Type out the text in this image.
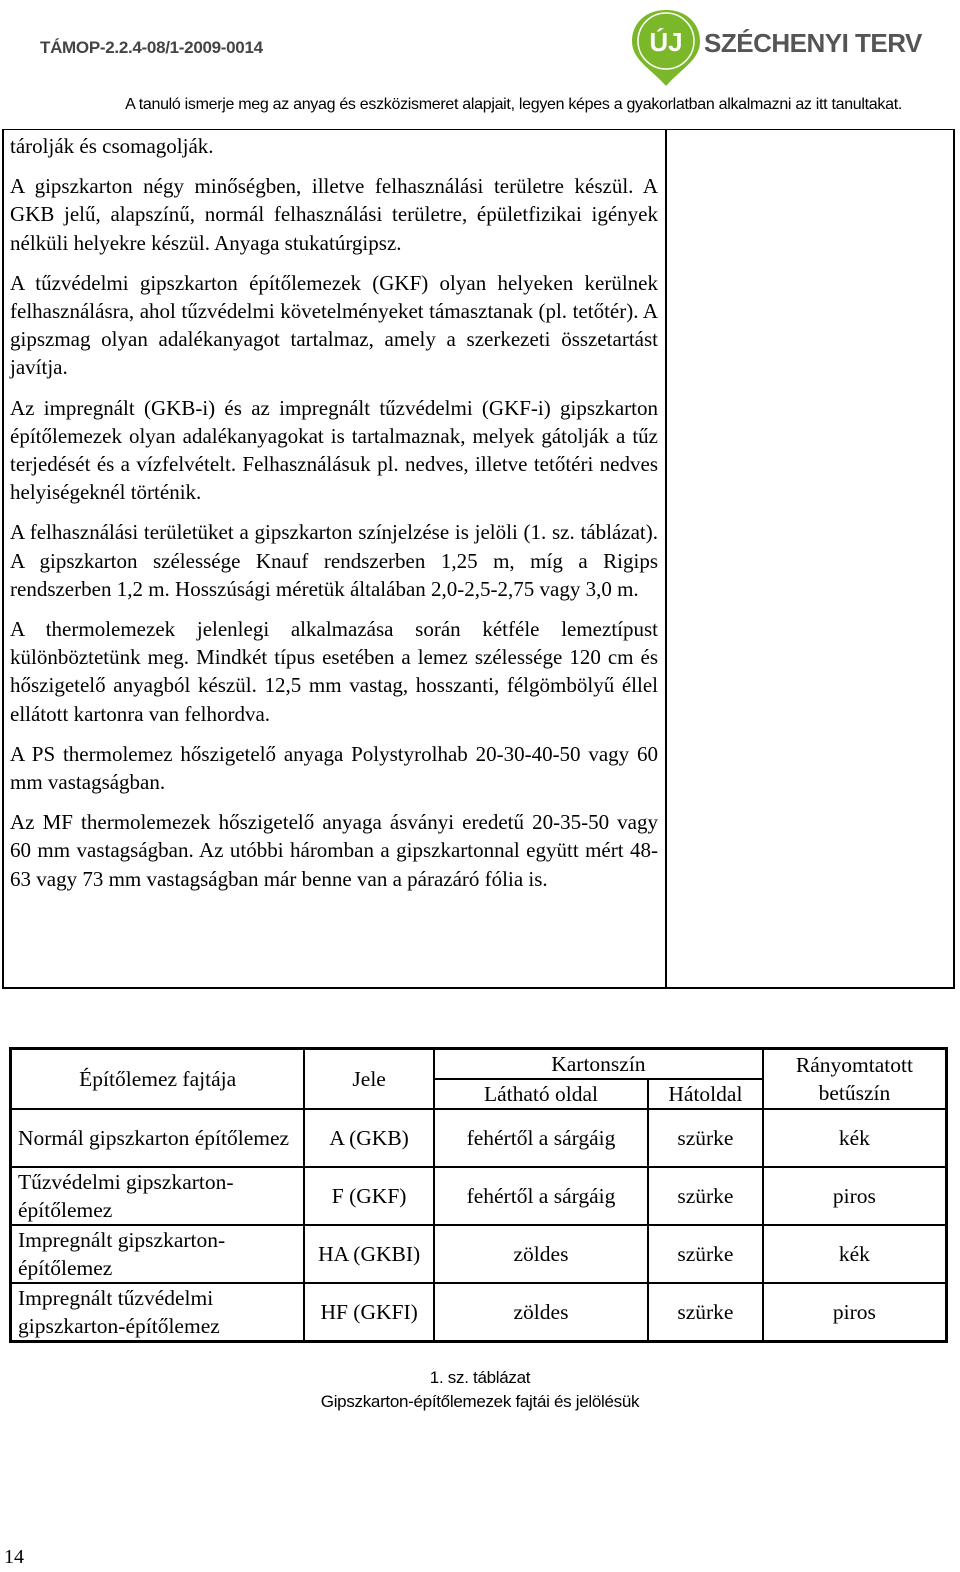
TÁMOP-2.2.4-08/1-2009-0014	ÚJ SZÉCHENYI TERV
A tanuló ismerje meg az anyag és eszközismeret alapjait, legyen képes a gyakorlatban alkalmazni az itt tanultakat.

tárolják és csomagolják.

A gipszkarton négy minőségben, illetve felhasználási területre készül. A GKB jelű, alapszínű, normál felhasználási területre, épületfizikai igények nélküli helyekre készül. Anyaga stukatúrgipsz.

A tűzvédelmi gipszkarton építőlemezek (GKF) olyan helyeken kerülnek felhasználásra, ahol tűzvédelmi követelményeket támasztanak (pl. tetőtér). A gipszmag olyan adalékanyagot tartalmaz, amely a szerkezeti összetartást javítja.

Az impregnált (GKB-i) és az impregnált tűzvédelmi (GKF-i) gipszkarton építőlemezek olyan adalékanyagokat is tartalmaznak, melyek gátolják a tűz terjedését és a vízfelvételt. Felhasználásuk pl. nedves, illetve tetőtéri nedves helyiségeknél történik.

A felhasználási területüket a gipszkarton színjelzése is jelöli (1. sz. táblázat). A gipszkarton szélessége Knauf rendszerben 1,25 m, míg a Rigips rendszerben 1,2 m. Hosszúsági méretük általában 2,0-2,5-2,75 vagy 3,0 m.

A thermolemezek jelenlegi alkalmazása során kétféle lemeztípust különböztetünk meg. Mindkét típus esetében a lemez szélessége 120 cm és hőszigetelő anyagból készül. 12,5 mm vastag, hosszanti, félgömbölyű éllel ellátott kartonra van felhordva.

A PS thermolemez hőszigetelő anyaga Polystyrolhab 20-30-40-50 vagy 60 mm vastagságban.

Az MF thermolemezek hőszigetelő anyaga ásványi eredetű 20-35-50 vagy 60 mm vastagságban. Az utóbbi háromban a gipszkartonnal együtt mért 48-63 vagy 73 mm vastagságban már benne van a párazáró fólia is.

Építőlemez fajtája	Jele	Kartonszín		Rányomtatott betűszín
		Látható oldal	Hátoldal	
Normál gipszkarton építőlemez	A (GKB)	fehértől a sárgáig	szürke	kék
Tűzvédelmi gipszkarton-építőlemez	F (GKF)	fehértől a sárgáig	szürke	piros
Impregnált gipszkarton-építőlemez	HA (GKBI)	zöldes	szürke	kék
Impregnált tűzvédelmi gipszkarton-építőlemez	HF (GKFI)	zöldes	szürke	piros
1. sz. táblázat
Gipszkarton-építőlemezek fajtái és jelölésük
14
